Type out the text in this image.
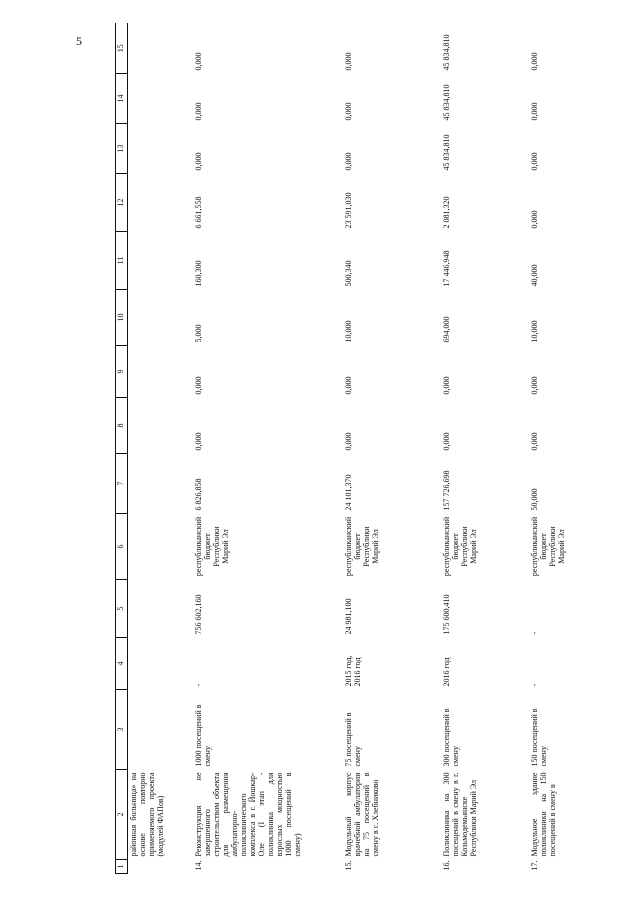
5
1	2	3	4	5	6	7	8	9	10	11	12	13	14	15
	районная больница» на основе повторно применяемого проекта (модулей ФАПов)													
14.	Реконструкция не завершенного строительством объекта для размещения амбулаторно-поликлинического комплекса в г. Йошкар-Оле (I этап - поликлиника для взрослых мощностью 1000 посещений в смену)	1000 посещений в смену	-	756 602,160	республиканский бюджет Республики Марий Эл	6 826,858	0,000	0,000	5,000	160,300	6 661,558	0,000	0,000	0,000
15.	Модульный корпус врачебной амбулатории на 75 посещений в смену в с. Хлебниково	75 посещений в смену	2015 год, 2016 год	24 981,100	республиканский бюджет Республики Марий Эл	24 101,370	0,000	0,000	10,000	500,340	23 591,030	0,000	0,000	0,000
16.	Поликлиника на 300 посещений в смену в г. Козьмодемьянске Республики Марий Эл	300 посещений в смену	2016 год	175 600,410	республиканский бюджет Республики Марий Эл	157 726,698	0,000	0,000	694,000	17 446,948	2 081,320	45 834,810	45 834,810	45 834,810
17.	Модульное здание поликлиники на 150 посещений в смену в	150 посещений в смену	-	-	республиканский бюджет Республики Марий Эл	50,000	0,000	0,000	10,000	40,000	0,000	0,000	0,000	0,000
